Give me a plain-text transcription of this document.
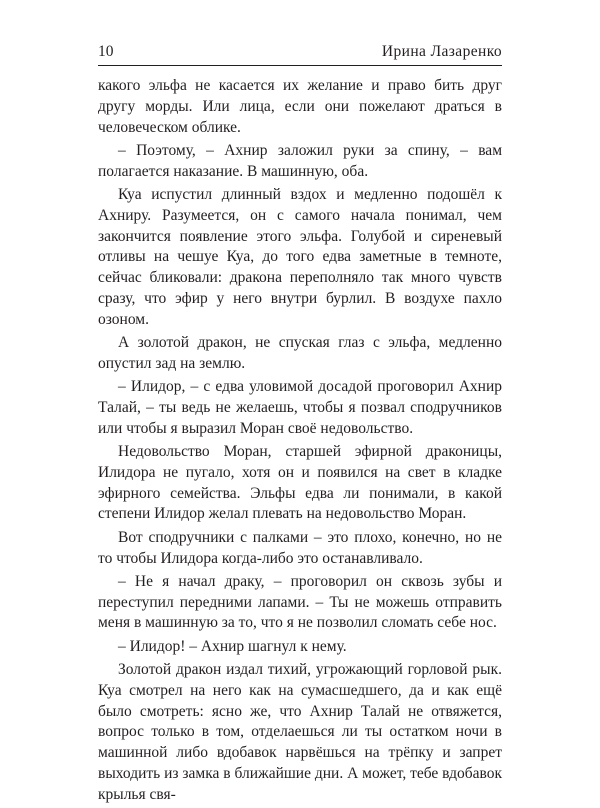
10	Ирина Лазаренко

какого эльфа не касается их желание и право бить друг другу морды. Или лица, если они пожелают драться в человеческом облике.

– Поэтому, – Ахнир заложил руки за спину, – вам полагается наказание. В машинную, оба.

Куа испустил длинный вздох и медленно подошёл к Ахниру. Разумеется, он с самого начала понимал, чем закончится появление этого эльфа. Голубой и сиреневый отливы на чешуе Куа, до того едва заметные в темноте, сейчас бликовали: дракона переполняло так много чувств сразу, что эфир у него внутри бурлил. В воздухе пахло озоном.

А золотой дракон, не спуская глаз с эльфа, медленно опустил зад на землю.

– Илидор, – с едва уловимой досадой проговорил Ахнир Талай, – ты ведь не желаешь, чтобы я позвал сподручников или чтобы я выразил Моран своё недовольство.

Недовольство Моран, старшей эфирной драконицы, Илидора не пугало, хотя он и появился на свет в кладке эфирного семейства. Эльфы едва ли понимали, в какой степени Илидор желал плевать на недовольство Моран.

Вот сподручники с палками – это плохо, конечно, но не то чтобы Илидора когда-либо это останавливало.

– Не я начал драку, – проговорил он сквозь зубы и переступил передними лапами. – Ты не можешь отправить меня в машинную за то, что я не позволил сломать себе нос.

– Илидор! – Ахнир шагнул к нему.

Золотой дракон издал тихий, угрожающий горловой рык. Куа смотрел на него как на сумасшедшего, да и как ещё было смотреть: ясно же, что Ахнир Талай не отвяжется, вопрос только в том, отделаешься ли ты остатком ночи в машинной либо вдобавок нарвёшься на трёпку и запрет выходить из замка в ближайшие дни. А может, тебе вдобавок крылья свя-
